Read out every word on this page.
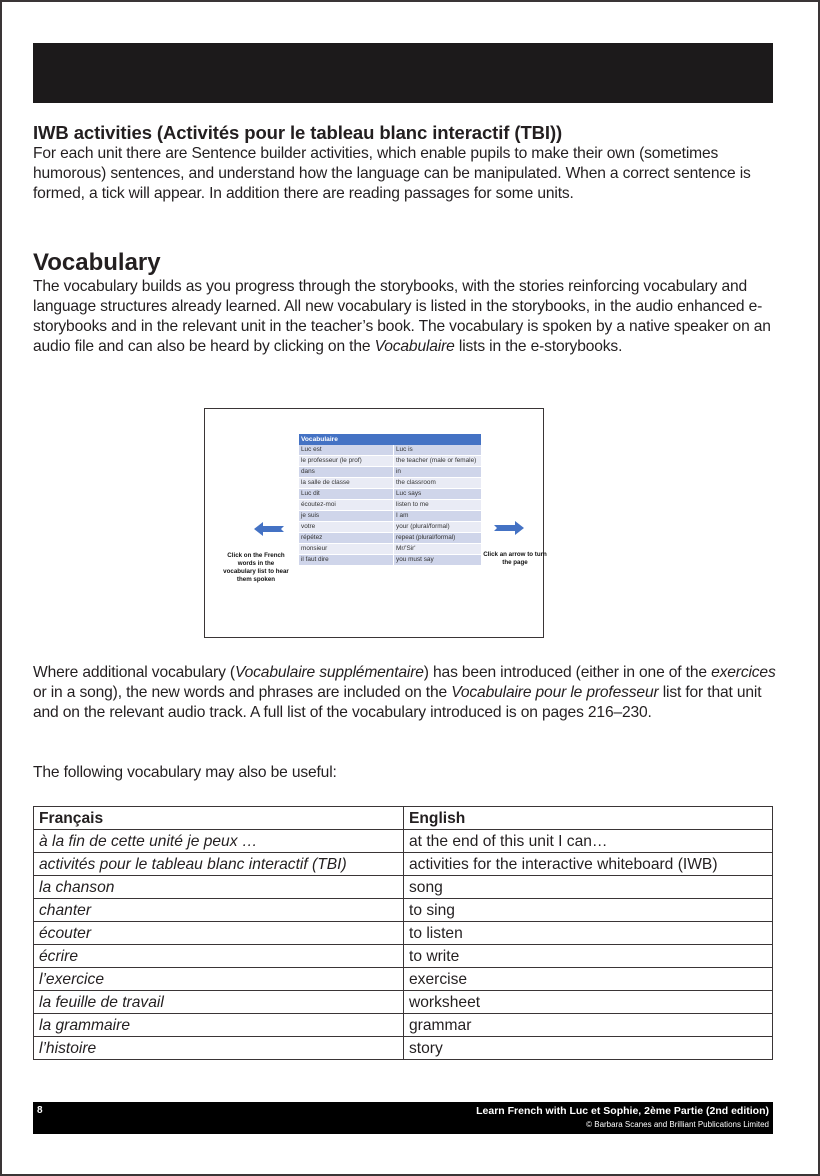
IWB activities (Activités pour le tableau blanc interactif (TBI))

For each unit there are Sentence builder activities, which enable pupils to make their own (sometimes humorous) sentences, and understand how the language can be manipulated. When a correct sentence is formed, a tick will appear. In addition there are reading passages for some units.

Vocabulary

The vocabulary builds as you progress through the storybooks, with the stories reinforcing vocabulary and language structures already learned. All new vocabulary is listed in the storybooks, in the audio enhanced e-storybooks and in the relevant unit in the teacher’s book. The vocabulary is spoken by a native speaker on an audio file and can also be heard by clicking on the Vocabulaire lists in the e-storybooks.

Vocabulaire	
Luc est	Luc is
le professeur (le prof)	the teacher (male or female)
dans	in
la salle de classe	the classroom
Luc dit	Luc says
écoutez-moi	listen to me
je suis	I am
votre	your (plural/formal)
répétez	repeat (plural/formal)
monsieur	Mr/'Sir'
il faut dire	you must say
Click on the French words in the vocabulary list to hear them spoken
Click an arrow to turn the page

Where additional vocabulary (Vocabulaire supplémentaire) has been introduced (either in one of the exercices or in a song), the new words and phrases are included on the Vocabulaire pour le professeur list for that unit and on the relevant audio track. A full list of the vocabulary introduced is on pages 216–230.

The following vocabulary may also be useful:

Français	English
à la fin de cette unité je peux …	at the end of this unit I can…
activités pour le tableau blanc interactif (TBI)	activities for the interactive whiteboard (IWB)
la chanson	song
chanter	to sing
écouter	to listen
écrire	to write
l’exercice	exercise
la feuille de travail	worksheet
la grammaire	grammar
l’histoire	story
8	Learn French with Luc et Sophie, 2ème Partie (2nd edition)
© Barbara Scanes and Brilliant Publications Limited
